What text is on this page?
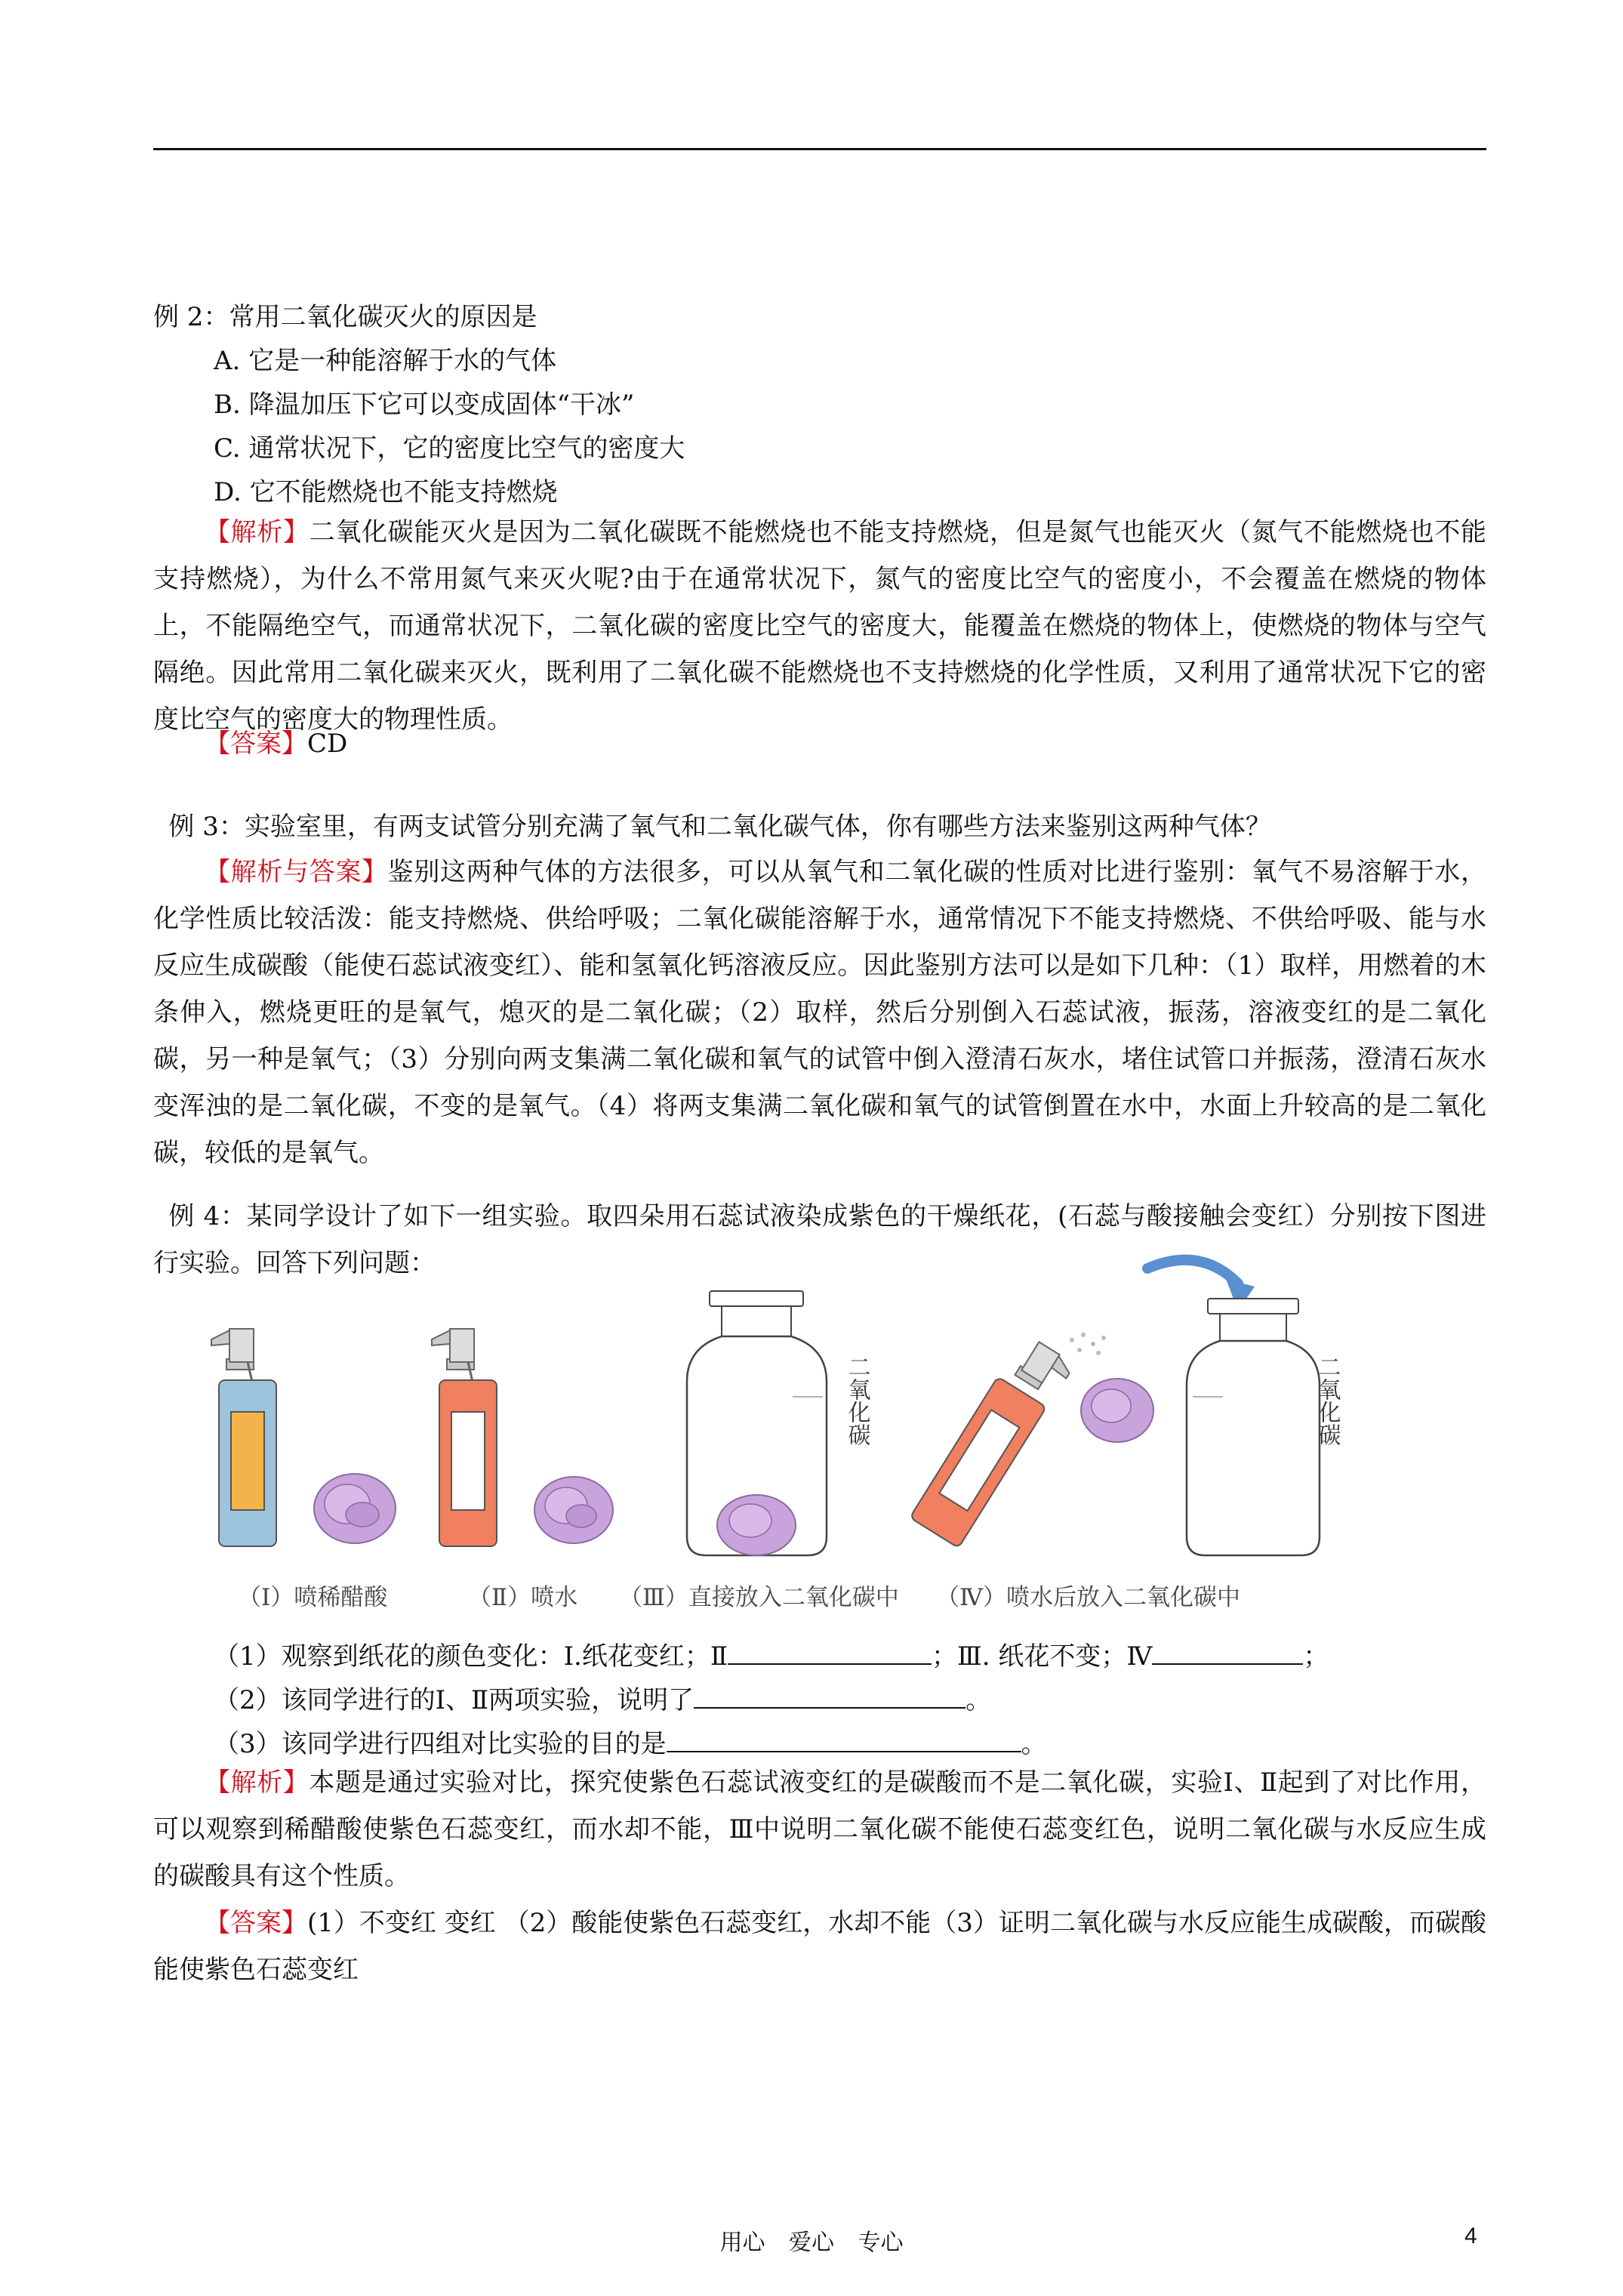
例 2：常用二氧化碳灭火的原因是
A. 它是一种能溶解于水的气体
B. 降温加压下它可以变成固体“干冰”
C. 通常状况下，它的密度比空气的密度大
D. 它不能燃烧也不能支持燃烧
【解析】二氧化碳能灭火是因为二氧化碳既不能燃烧也不能支持燃烧，但是氮气也能灭火（氮气不能燃烧也不能支持燃烧），为什么不常用氮气来灭火呢?由于在通常状况下，氮气的密度比空气的密度小，不会覆盖在燃烧的物体上，不能隔绝空气，而通常状况下，二氧化碳的密度比空气的密度大，能覆盖在燃烧的物体上，使燃烧的物体与空气隔绝。因此常用二氧化碳来灭火，既利用了二氧化碳不能燃烧也不支持燃烧的化学性质，又利用了通常状况下它的密度比空气的密度大的物理性质。
【答案】CD
例 3：实验室里，有两支试管分别充满了氧气和二氧化碳气体，你有哪些方法来鉴别这两种气体？
【解析与答案】鉴别这两种气体的方法很多，可以从氧气和二氧化碳的性质对比进行鉴别：氧气不易溶解于水，化学性质比较活泼：能支持燃烧、供给呼吸；二氧化碳能溶解于水，通常情况下不能支持燃烧、不供给呼吸、能与水反应生成碳酸（能使石蕊试液变红）、能和氢氧化钙溶液反应。因此鉴别方法可以是如下几种：（1）取样，用燃着的木条伸入，燃烧更旺的是氧气，熄灭的是二氧化碳；（2）取样，然后分别倒入石蕊试液，振荡，溶液变红的是二氧化碳，另一种是氧气；（3）分别向两支集满二氧化碳和氧气的试管中倒入澄清石灰水，堵住试管口并振荡，澄清石灰水变浑浊的是二氧化碳，不变的是氧气。（4）将两支集满二氧化碳和氧气的试管倒置在水中，水面上升较高的是二氧化碳，较低的是氧气。
例 4：某同学设计了如下一组实验。取四朵用石蕊试液染成紫色的干燥纸花，(石蕊与酸接触会变红）分别按下图进行实验。回答下列问题：
二氧化碳	二氧化碳
（Ⅰ）喷稀醋酸	（Ⅱ）喷水 （Ⅲ）直接放入二氧化碳中 （Ⅳ）喷水后放入二氧化碳中
（1）观察到纸花的颜色变化：Ⅰ.纸花变红；Ⅱ	；Ⅲ. 纸花不变；Ⅳ	；
（2）该同学进行的Ⅰ、Ⅱ两项实验，说明了	。
（3）该同学进行四组对比实验的目的是	。
【解析】本题是通过实验对比，探究使紫色石蕊试液变红的是碳酸而不是二氧化碳，实验Ⅰ、Ⅱ起到了对比作用，可以观察到稀醋酸使紫色石蕊变红，而水却不能，Ⅲ中说明二氧化碳不能使石蕊变红色，说明二氧化碳与水反应生成的碳酸具有这个性质。
【答案】(1）不变红 变红 （2）酸能使紫色石蕊变红，水却不能（3）证明二氧化碳与水反应能生成碳酸，而碳酸能使紫色石蕊变红
用心 爱心 专心	4
